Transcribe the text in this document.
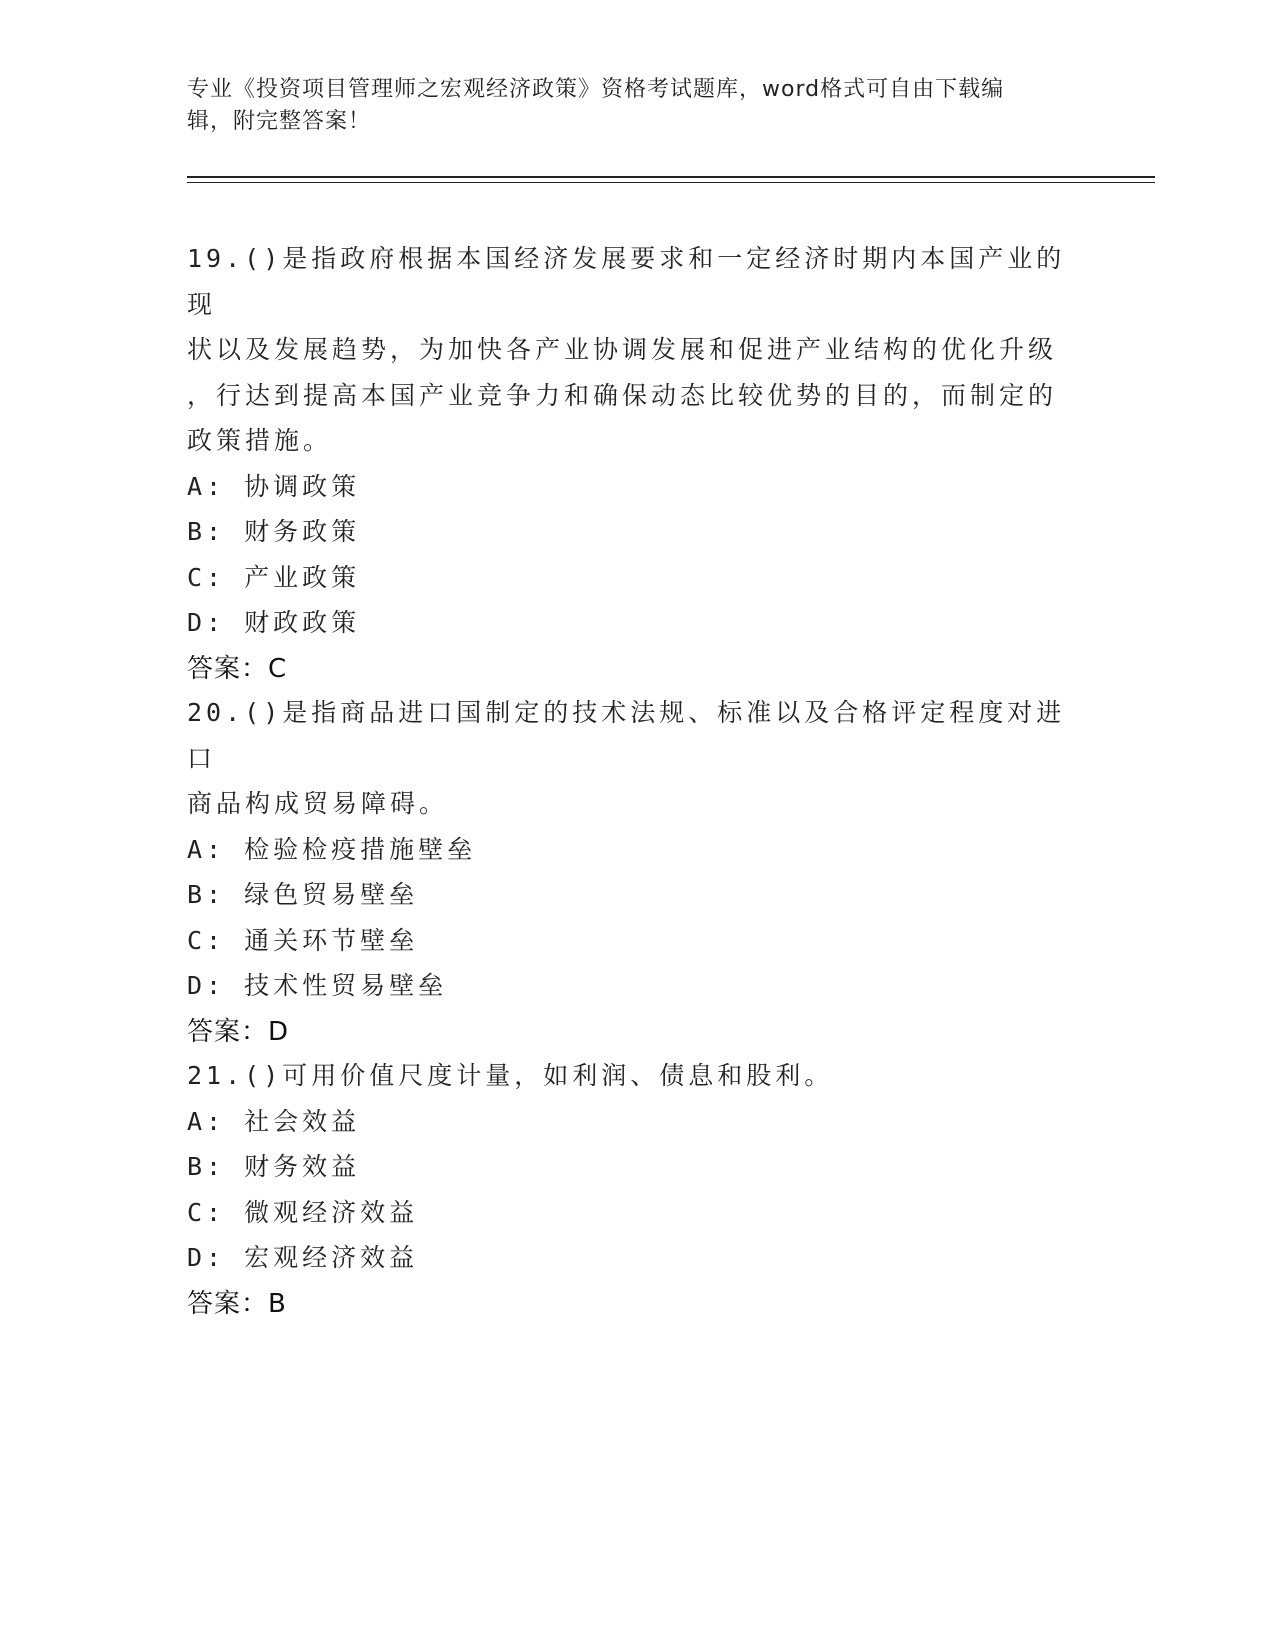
专业《投资项目管理师之宏观经济政策》资格考试题库，word格式可自由下载编
辑，附完整答案！

19.()是指政府根据本国经济发展要求和一定经济时期内本国产业的现

状以及发展趋势，为加快各产业协调发展和促进产业结构的优化升级

，行达到提高本国产业竞争力和确保动态比较优势的目的，而制定的

政策措施。

A: 协调政策

B: 财务政策

C: 产业政策

D: 财政政策

答案：C

20.()是指商品进口国制定的技术法规、标准以及合格评定程度对进口

商品构成贸易障碍。

A: 检验检疫措施壁垒

B: 绿色贸易壁垒

C: 通关环节壁垒

D: 技术性贸易壁垒

答案：D

21.()可用价值尺度计量，如利润、债息和股利。

A: 社会效益

B: 财务效益

C: 微观经济效益

D: 宏观经济效益

答案：B
